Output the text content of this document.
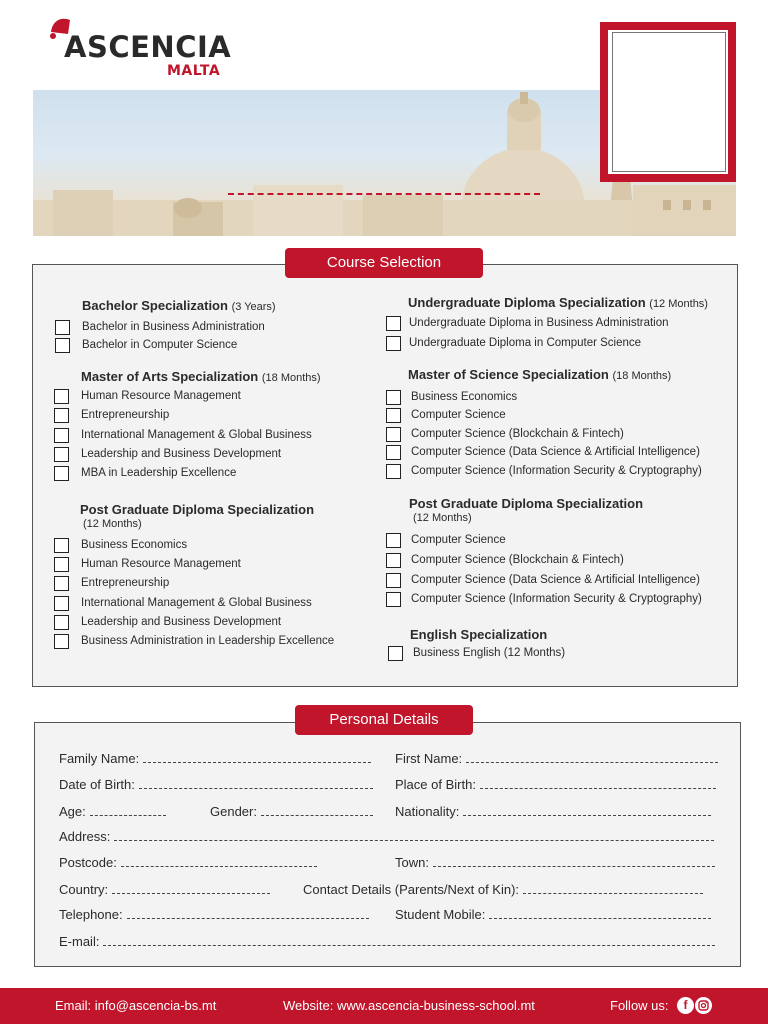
ASCENCIA
MALTA
Course Selection
Bachelor Specialization (3 Years)
Bachelor in Business Administration
Bachelor in Computer Science
Master of Arts Specialization (18 Months)
Human Resource Management
Entrepreneurship
International Management & Global Business
Leadership and Business Development
MBA in Leadership Excellence
Post Graduate Diploma Specialization
(12 Months)
Business Economics
Human Resource Management
Entrepreneurship
International Management & Global Business
Leadership and Business Development
Business Administration in Leadership Excellence
Undergraduate Diploma Specialization (12 Months)
Undergraduate Diploma in Business Administration
Undergraduate Diploma in Computer Science
Master of Science Specialization (18 Months)
Business Economics
Computer Science
Computer Science (Blockchain & Fintech)
Computer Science (Data Science & Artificial Intelligence)
Computer Science (Information Security & Cryptography)
Post Graduate Diploma Specialization
(12 Months)
Computer Science
Computer Science (Blockchain & Fintech)
Computer Science (Data Science & Artificial Intelligence)
Computer Science (Information Security & Cryptography)
English Specialization
Business English (12 Months)
Personal Details
Family Name:	First Name:
Date of Birth:	Place of Birth:
Age:	Gender:	Nationality:
Address:
Postcode:	Town:
Country:	Contact Details (Parents/Next of Kin):
Telephone:	Student Mobile:
E-mail:
Email: info@ascencia-bs.mt	Website: www.ascencia-business-school.mt	Follow us:	f
